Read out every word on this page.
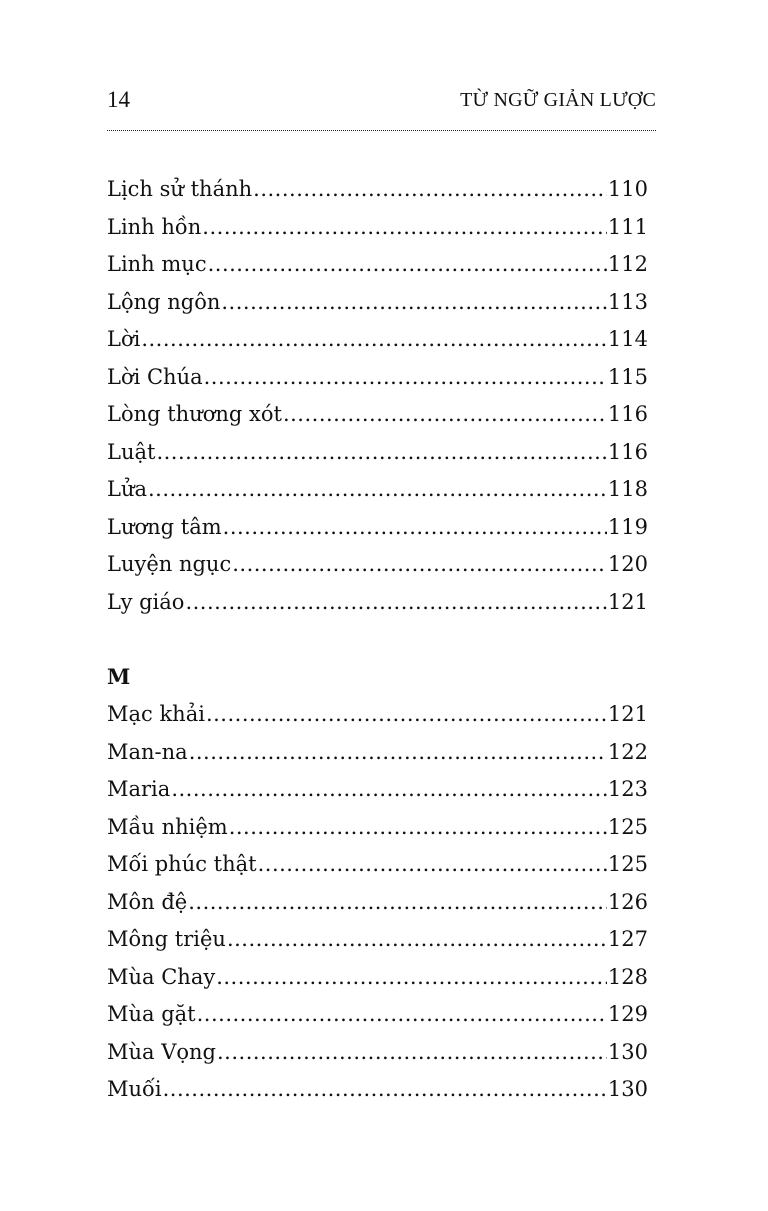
14	TỪ NGỮ GIẢN LƯỢC
Lịch sử thánh .....	110
Linh hồn .....	111
Linh mục .....	112
Lộng ngôn .....	113
Lời .....	114
Lời Chúa .....	115
Lòng thương xót .....	116
Luật .....	116
Lửa .....	118
Lương tâm .....	119
Luyện ngục .....	120
Ly giáo .....	121
M
Mạc khải .....	121
Man-na .....	122
Maria .....	123
Mầu nhiệm .....	125
Mối phúc thật .....	125
Môn đệ .....	126
Mông triệu .....	127
Mùa Chay .....	128
Mùa gặt .....	129
Mùa Vọng .....	130
Muối .....	130
